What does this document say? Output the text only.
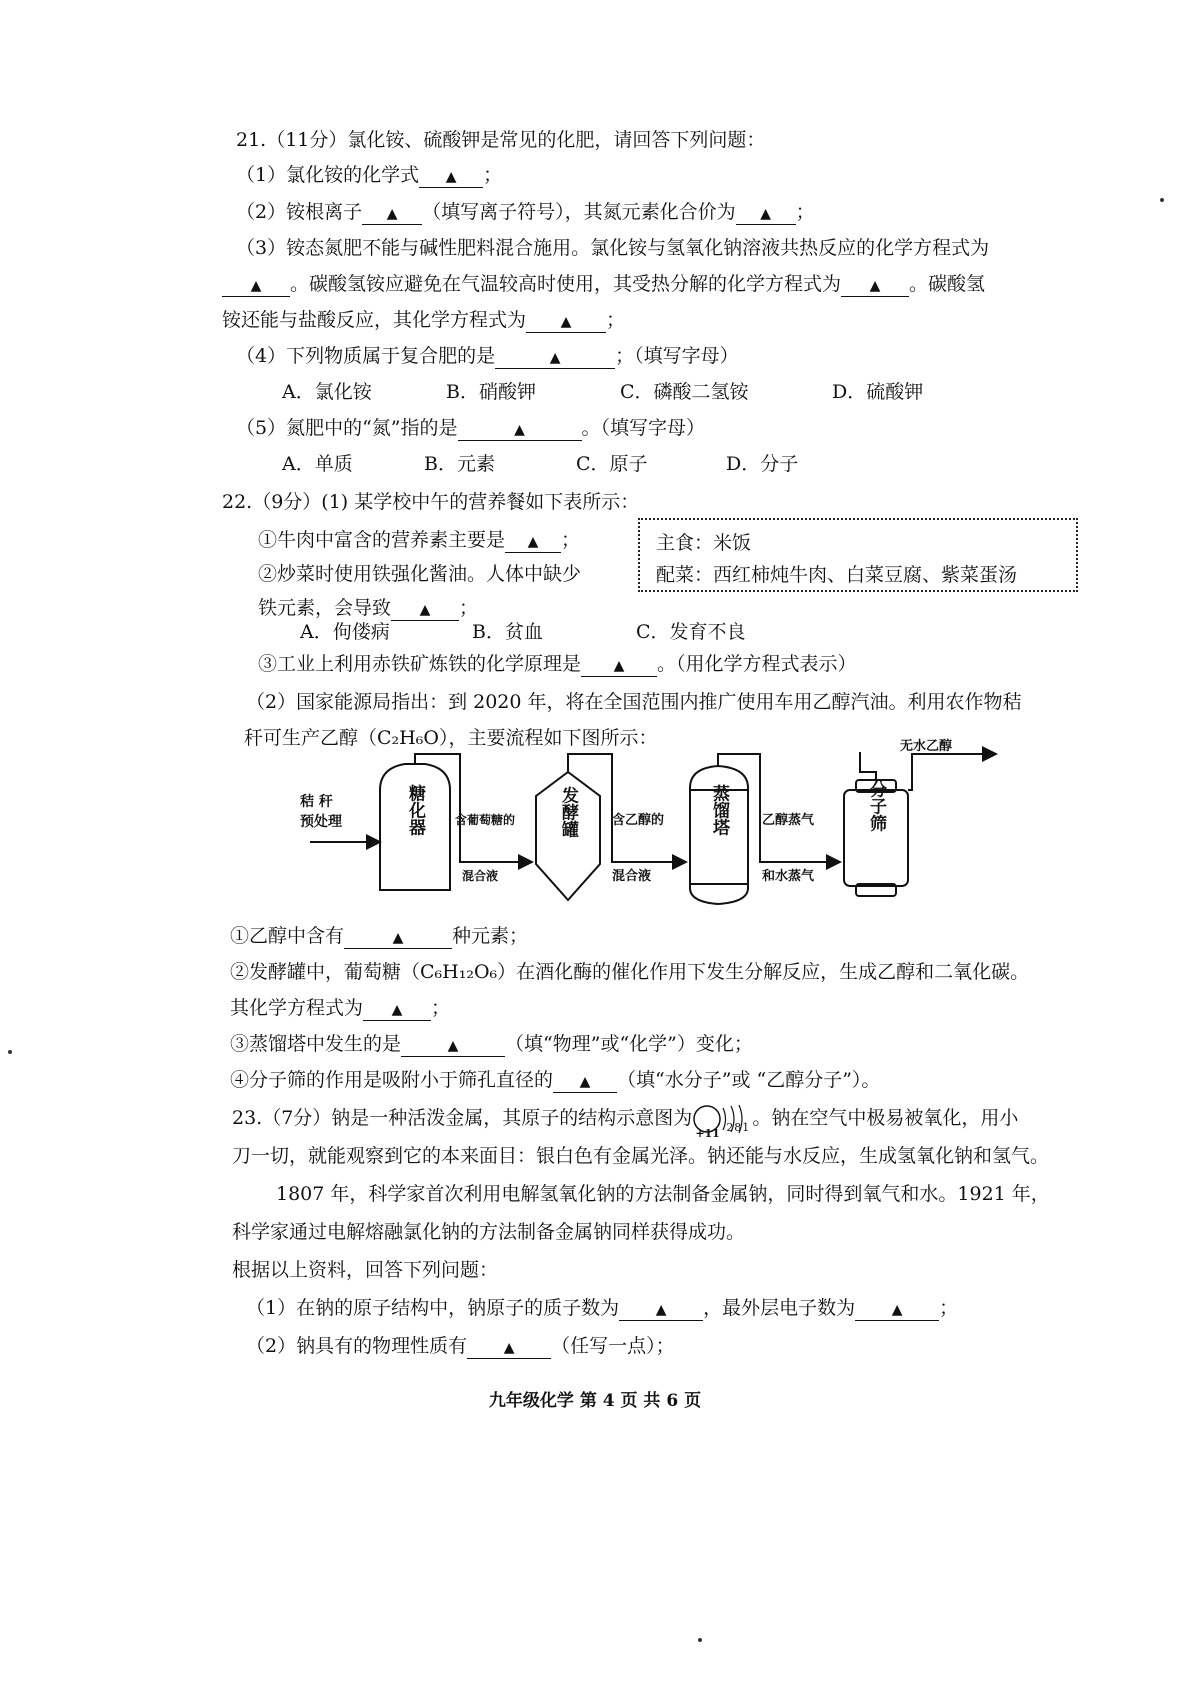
21.（11分）氯化铵、硫酸钾是常见的化肥，请回答下列问题：
（1）氯化铵的化学式 ▲ ；
（2）铵根离子 ▲ （填写离子符号），其氮元素化合价为 ▲ ；
（3）铵态氮肥不能与碱性肥料混合施用。氯化铵与氢氧化钠溶液共热反应的化学方程式为
▲ 。碳酸氢铵应避免在气温较高时使用，其受热分解的化学方程式为 ▲ 。碳酸氢
铵还能与盐酸反应，其化学方程式为 ▲ ；
（4）下列物质属于复合肥的是	▲	；（填写字母）
A．氯化铵	B．硝酸钾	C．磷酸二氢铵	D．硫酸钾
（5）氮肥中的“氮”指的是	▲	。（填写字母）
A．单质	B．元素	C．原子	D．分子
22.（9分）(1) 某学校中午的营养餐如下表所示：
①牛肉中富含的营养素主要是 ▲ ；
②炒菜时使用铁强化酱油。人体中缺少
铁元素，会导致 ▲ ；
A．佝偻病	B．贫血	C．发育不良
③工业上利用赤铁矿炼铁的化学原理是 ▲ 。（用化学方程式表示）
主食：米饭
配菜：西红柿炖牛肉、白菜豆腐、紫菜蛋汤
（2）国家能源局指出：到 2020 年，将在全国范围内推广使用车用乙醇汽油。利用农作物秸
秆可生产乙醇（C₂H₆O），主要流程如下图所示：
秸 秆
预处理	含葡萄糖的
混合液
含乙醇的
混合液
乙醇蒸气
和水蒸气
无水乙醇
糖化器	发酵罐	蒸馏塔	分子筛
①乙醇中含有	▲	种元素；
②发酵罐中，葡萄糖（C₆H₁₂O₆）在酒化酶的催化作用下发生分解反应，生成乙醇和二氧化碳。
其化学方程式为 ▲ ；
③蒸馏塔中发生的是	▲ （填“物理”或“化学”）变化；
④分子筛的作用是吸附小于筛孔直径的 ▲ （填“水分子”或 “乙醇分子”）。
23.（7分）钠是一种活泼金属，其原子的结构示意图为
+11 281 。钠在空气中极易被氧化，用小
刀一切，就能观察到它的本来面目：银白色有金属光泽。钠还能与水反应，生成氢氧化钠和氢气。
1807 年，科学家首次利用电解氢氧化钠的方法制备金属钠，同时得到氧气和水。1921 年，
科学家通过电解熔融氯化钠的方法制备金属钠同样获得成功。
根据以上资料，回答下列问题：
（1）在钠的原子结构中，钠原子的质子数为	▲ ，最外层电子数为	▲ ；
（2）钠具有的物理性质有	▲ （任写一点）；
九年级化学 第 4 页 共 6 页
